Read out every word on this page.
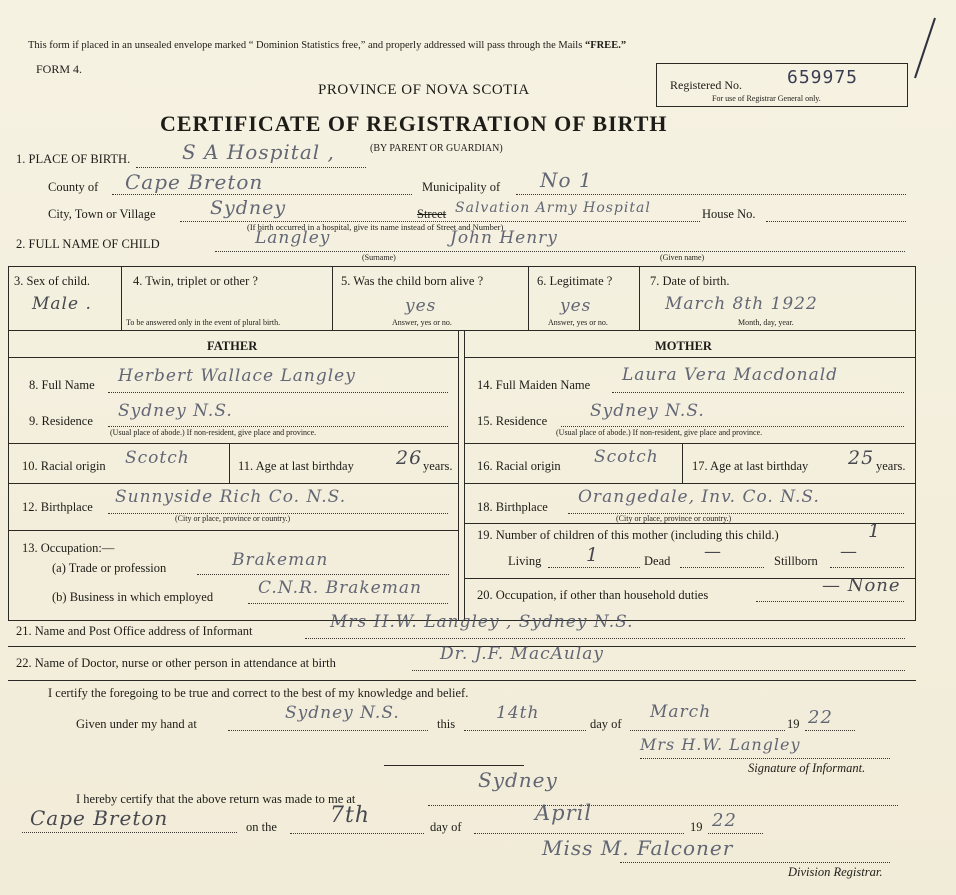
This form if placed in an unsealed envelope marked “ Dominion Statistics free,” and properly addressed will pass through the Mails “FREE.”
FORM 4.
PROVINCE OF NOVA SCOTIA
CERTIFICATE OF REGISTRATION OF BIRTH
Registered No.	659975
For use of Registrar General only.
1. PLACE OF BIRTH.	S A Hospital ,	(BY PARENT OR GUARDIAN)
County of Cape Breton	Municipality of No 1
City, Town or Village	Sydney	Street Salvation Army Hospital	House No.
(If birth occurred in a hospital, give its name instead of Street and Number)
2. FULL NAME OF CHILD	Langley	John Henry
(Surname)	(Given name)
3. Sex of child.
Male .
4. Twin, triplet or other ?
To be answered only in the event of plural birth.
5. Was the child born alive ?
yes
Answer, yes or no.
6. Legitimate ?
yes
Answer, yes or no.
7. Date of birth.
March 8th 1922
Month, day, year.
FATHER	MOTHER
8. Full Name Herbert Wallace Langley
9. Residence Sydney N.S.
(Usual place of abode.) If non-resident, give place and province.
10. Racial origin Scotch	11. Age at last birthday 26 years.
12. Birthplace Sunnyside Rich Co. N.S.
(City or place, province or country.)
13. Occupation:—
(a) Trade or profession	Brakeman
(b) Business in which employed	C.N.R. Brakeman
14. Full Maiden Name Laura Vera Macdonald
15. Residence	Sydney N.S.
(Usual place of abode.) If non-resident, give place and province.
16. Racial origin Scotch	17. Age at last birthday 25 years.
18. Birthplace Orangedale, Inv. Co. N.S.
(City or place, province or country.)
19. Number of children of this mother (including this child.)	1
Living 1	Dead —	Stillborn —
20. Occupation, if other than household duties	— None
21. Name and Post Office address of Informant	Mrs H.W. Langley , Sydney N.S.
22. Name of Doctor, nurse or other person in attendance at birth	Dr. J.F. MacAulay
I certify the foregoing to be true and correct to the best of my knowledge and belief.
Given under my hand at
Sydney N.S.
this
14th
day of
March
19 22
Mrs H.W. Langley
Signature of Informant.
I hereby certify that the above return was made to me at
Sydney
Cape Breton	on the 7th	day of
April
19 22
Miss M. Falconer
Division Registrar.
